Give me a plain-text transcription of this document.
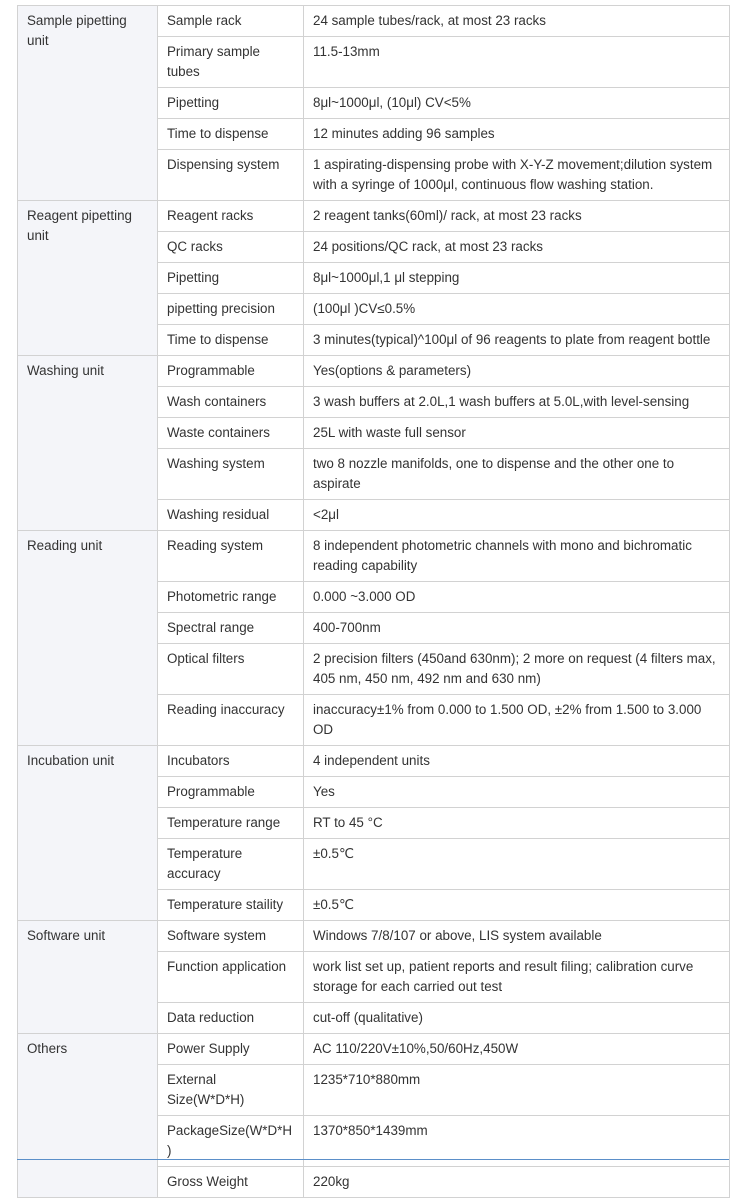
Sample pipetting unit	Sample rack	24 sample tubes/rack, at most 23 racks
	Primary sample tubes	11.5-13mm
	Pipetting	8μl~1000μl, (10μl) CV<5%
	Time to dispense	12 minutes adding 96 samples
	Dispensing system	1 aspirating-dispensing probe with X-Y-Z movement;dilution system with a syringe of 1000μl, continuous flow washing station.
Reagent pipetting unit	Reagent racks	2 reagent tanks(60ml)/ rack, at most 23 racks
	QC racks	24 positions/QC rack, at most 23 racks
	Pipetting	8μl~1000μl,1 μl stepping
	pipetting precision	(100μl )CV≤0.5%
	Time to dispense	3 minutes(typical)^100μl of 96 reagents to plate from reagent bottle
Washing unit	Programmable	Yes(options & parameters)
	Wash containers	3 wash buffers at 2.0L,1 wash buffers at 5.0L,with level-sensing
	Waste containers	25L with waste full sensor
	Washing system	two 8 nozzle manifolds, one to dispense and the other one to aspirate
	Washing residual	<2μl
Reading unit	Reading system	8 independent photometric channels with mono and bichromatic reading capability
	Photometric range	0.000 ~3.000 OD
	Spectral range	400-700nm
	Optical filters	2 precision filters (450and 630nm); 2 more on request (4 filters max, 405 nm, 450 nm, 492 nm and 630 nm)
	Reading inaccuracy	inaccuracy±1% from 0.000 to 1.500 OD, ±2% from 1.500 to 3.000 OD
Incubation unit	Incubators	4 independent units
	Programmable	Yes
	Temperature range	RT to 45 °C
	Temperature accuracy	±0.5℃
	Temperature staility	±0.5℃
Software unit	Software system	Windows 7/8/107 or above, LIS system available
	Function application	work list set up, patient reports and result filing; calibration curve storage for each carried out test
	Data reduction	cut-off (qualitative)
Others	Power Supply	AC 110/220V±10%,50/60Hz,450W
	External Size(W*D*H)	1235*710*880mm
	PackageSize(W*D*H )	1370*850*1439mm
	Gross Weight	220kg
